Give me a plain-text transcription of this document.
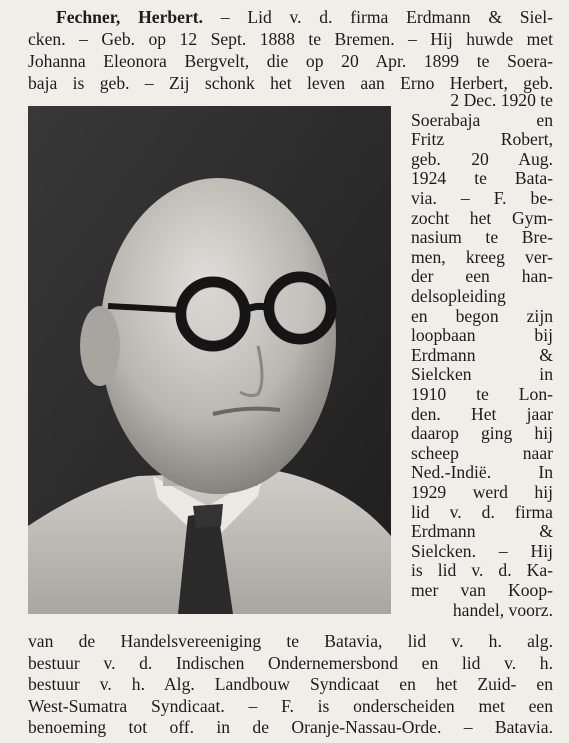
Fechner, Herbert. – Lid v. d. firma Erdmann & Siel-
cken. – Geb. op 12 Sept. 1888 te Bremen. – Hij huwde met
Johanna Eleonora Bergvelt, die op 20 Apr. 1899 te Soera-
baja is geb. – Zij schonk het leven aan Erno Herbert, geb.
2 Dec. 1920 te
Soerabaja en
Fritz Robert,
geb. 20 Aug.
1924 te Bata-
via. – F. be-
zocht het Gym-
nasium te Bre-
men, kreeg ver-
der een han-
delsopleiding
en begon zijn
loopbaan bij
Erdmann &
Sielcken in
1910 te Lon-
den. Het jaar
daarop ging hij
scheep naar
Ned.-Indië. In
1929 werd hij
lid v. d. firma
Erdmann &
Sielcken. – Hij
is lid v. d. Ka-
mer van Koop-
handel, voorz.
van de Handelsvereeniging te Batavia, lid v. h. alg.
bestuur v. d. Indischen Ondernemersbond en lid v. h.
bestuur v. h. Alg. Landbouw Syndicaat en het Zuid- en
West-Sumatra Syndicaat. – F. is onderscheiden met een
benoeming tot off. in de Oranje-Nassau-Orde. – Batavia.
